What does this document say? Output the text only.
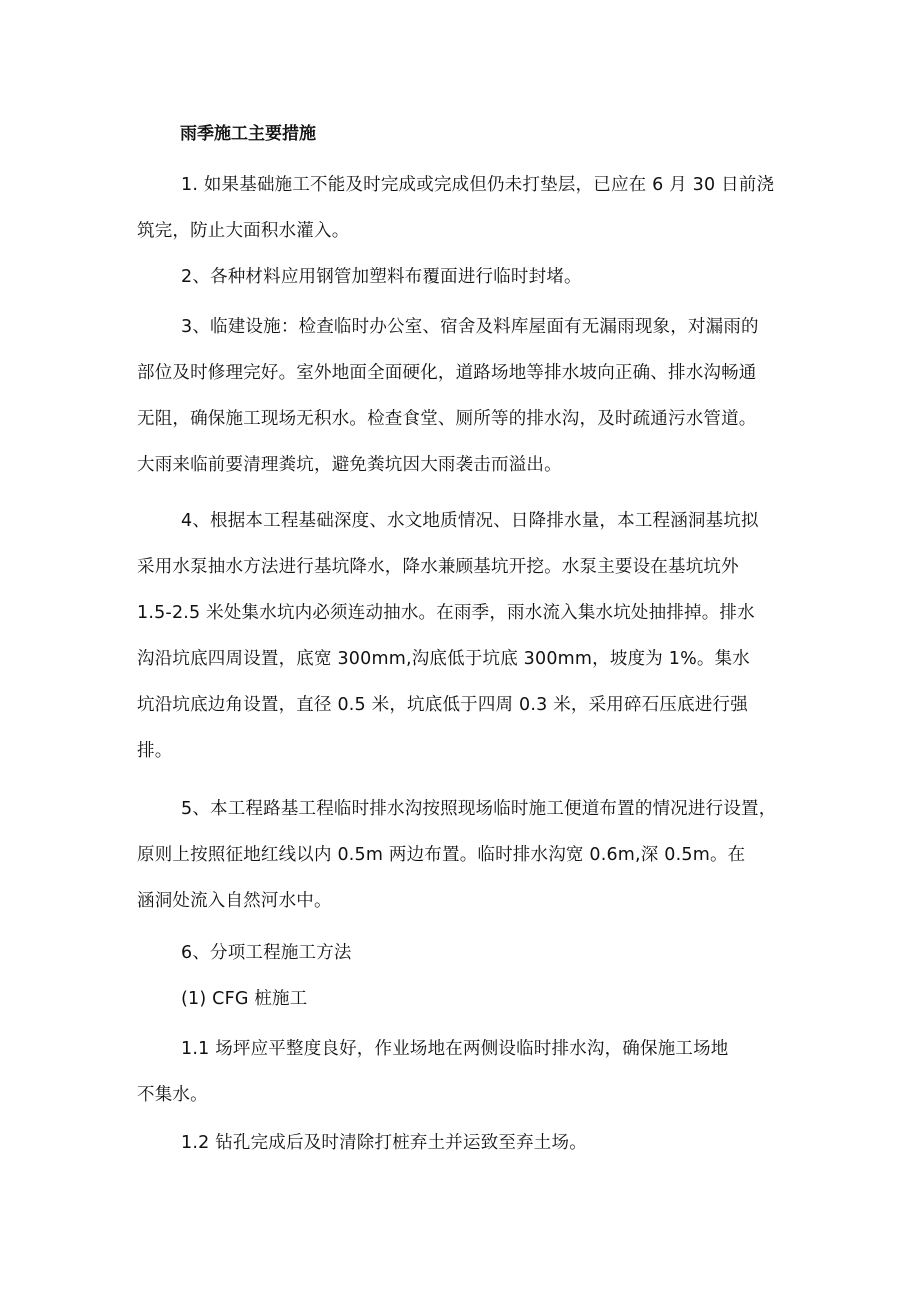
雨季施工主要措施
1. 如果基础施工不能及时完成或完成但仍未打垫层，已应在 6 月 30 日前浇
筑完，防止大面积水灌入。
2、各种材料应用钢管加塑料布覆面进行临时封堵。
3、临建设施：检查临时办公室、宿舍及料库屋面有无漏雨现象，对漏雨的
部位及时修理完好。室外地面全面硬化，道路场地等排水坡向正确、排水沟畅通
无阻，确保施工现场无积水。检查食堂、厕所等的排水沟，及时疏通污水管道。
大雨来临前要清理粪坑，避免粪坑因大雨袭击而溢出。
4、根据本工程基础深度、水文地质情况、日降排水量，本工程涵洞基坑拟
采用水泵抽水方法进行基坑降水，降水兼顾基坑开挖。水泵主要设在基坑坑外
1.5-2.5 米处集水坑内必须连动抽水。在雨季，雨水流入集水坑处抽排掉。排水
沟沿坑底四周设置，底宽 300mm,沟底低于坑底 300mm，坡度为 1%。集水
坑沿坑底边角设置，直径 0.5 米，坑底低于四周 0.3 米，采用碎石压底进行强
排。
5、本工程路基工程临时排水沟按照现场临时施工便道布置的情况进行设置，
原则上按照征地红线以内 0.5m 两边布置。临时排水沟宽 0.6m,深 0.5m。在
涵洞处流入自然河水中。
6、分项工程施工方法
(1) CFG 桩施工
1.1 场坪应平整度良好，作业场地在两侧设临时排水沟，确保施工场地
不集水。
1.2 钻孔完成后及时清除打桩弃土并运致至弃土场。
